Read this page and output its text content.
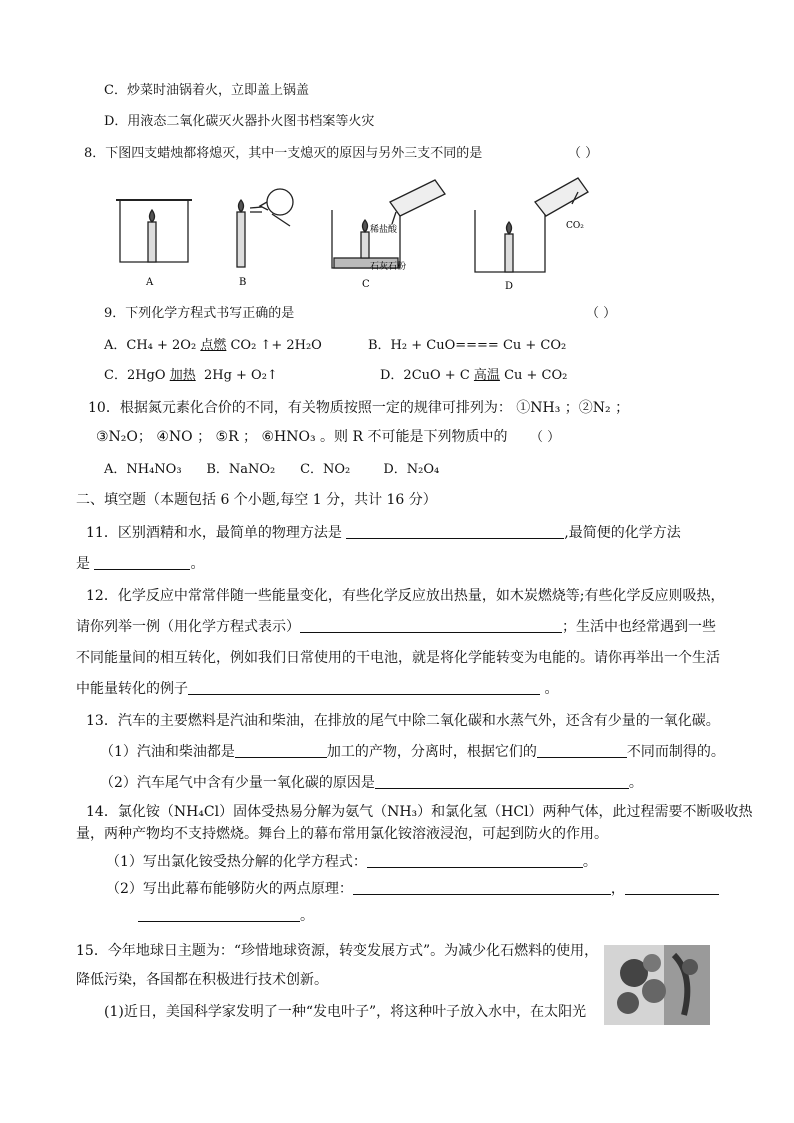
C．炒菜时油锅着火，立即盖上锅盖
D．用液态二氧化碳灭火器扑火图书档案等火灾
8．下图四支蜡烛都将熄灭，其中一支熄灭的原因与另外三支不同的是	（ ）
A	B
稀盐酸
石灰石粉
C
CO₂
D
9．下列化学方程式书写正确的是	（ ）
A．CH₄ + 2O₂ 点燃 CO₂ ↑+ 2H₂O	B．H₂ + CuO==== Cu + CO₂
C．2HgO 加热 2Hg + O₂↑	D．2CuO + C 高温 Cu + CO₂
10．根据氮元素化合价的不同，有关物质按照一定的规律可排列为： ①NH₃ ；②N₂ ；
③N₂O； ④NO ； ⑤R ； ⑥HNO₃ 。则 R 不可能是下列物质中的 （ ）
A．NH₄NO₃      B．NaNO₂      C．NO₂        D．N₂O₄
二、填空题（本题包括 6 个小题,每空 1 分，共计 16 分）
11．区别酒精和水，最简单的物理方法是	,最简便的化学方法
是	。
12．化学反应中常常伴随一些能量变化，有些化学反应放出热量，如木炭燃烧等;有些化学反应则吸热，
请你列举一例（用化学方程式表示）	；生活中也经常遇到一些
不同能量间的相互转化，例如我们日常使用的干电池，就是将化学能转变为电能的。请你再举出一个生活
中能量转化的例子	。
13．汽车的主要燃料是汽油和柴油，在排放的尾气中除二氧化碳和水蒸气外，还含有少量的一氧化碳。
（1）汽油和柴油都是	加工的产物，分离时，根据它们的	不同而制得的。
（2）汽车尾气中含有少量一氧化碳的原因是	。
14．氯化铵（NH₄Cl）固体受热易分解为氨气（NH₃）和氯化氢（HCl）两种气体，此过程需要不断吸收热
量，两种产物均不支持燃烧。舞台上的幕布常用氯化铵溶液浸泡，可起到防火的作用。
（1）写出氯化铵受热分解的化学方程式：	。
（2）写出此幕布能够防火的两点原理：	，
。
15．今年地球日主题为：“珍惜地球资源，转变发展方式”。为减少化石燃料的使用，
降低污染，各国都在积极进行技术创新。
(1)近日，美国科学家发明了一种“发电叶子”，将这种叶子放入水中，在太阳光
